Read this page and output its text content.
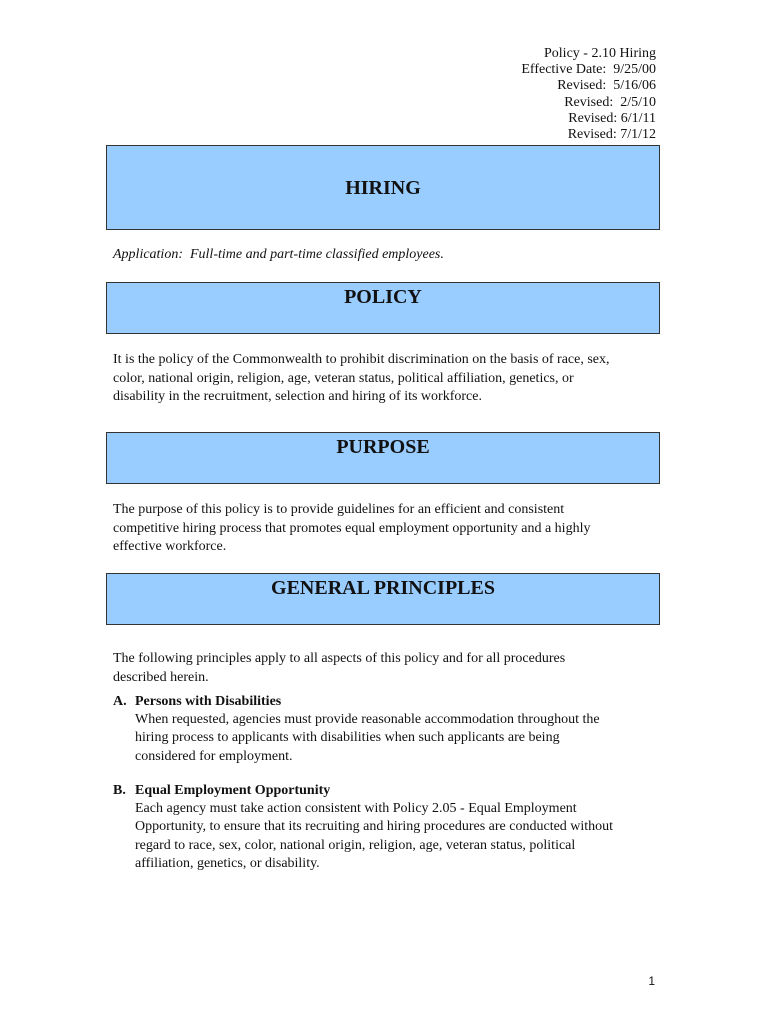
Policy - 2.10 Hiring
Effective Date:  9/25/00
Revised:  5/16/06
Revised:  2/5/10
Revised: 6/1/11
Revised: 7/1/12
HIRING
Application:  Full-time and part-time classified employees.
POLICY

It is the policy of the Commonwealth to prohibit discrimination on the basis of race, sex,
color, national origin, religion, age, veteran status, political affiliation, genetics, or
disability in the recruitment, selection and hiring of its workforce.

PURPOSE

The purpose of this policy is to provide guidelines for an efficient and consistent
competitive hiring process that promotes equal employment opportunity and a highly
effective workforce.

GENERAL PRINCIPLES

The following principles apply to all aspects of this policy and for all procedures
described herein.

A. Persons with Disabilities
When requested, agencies must provide reasonable accommodation throughout the
hiring process to applicants with disabilities when such applicants are being
considered for employment.
B. Equal Employment Opportunity
Each agency must take action consistent with Policy 2.05 - Equal Employment
Opportunity, to ensure that its recruiting and hiring procedures are conducted without
regard to race, sex, color, national origin, religion, age, veteran status, political
affiliation, genetics, or disability.
1
